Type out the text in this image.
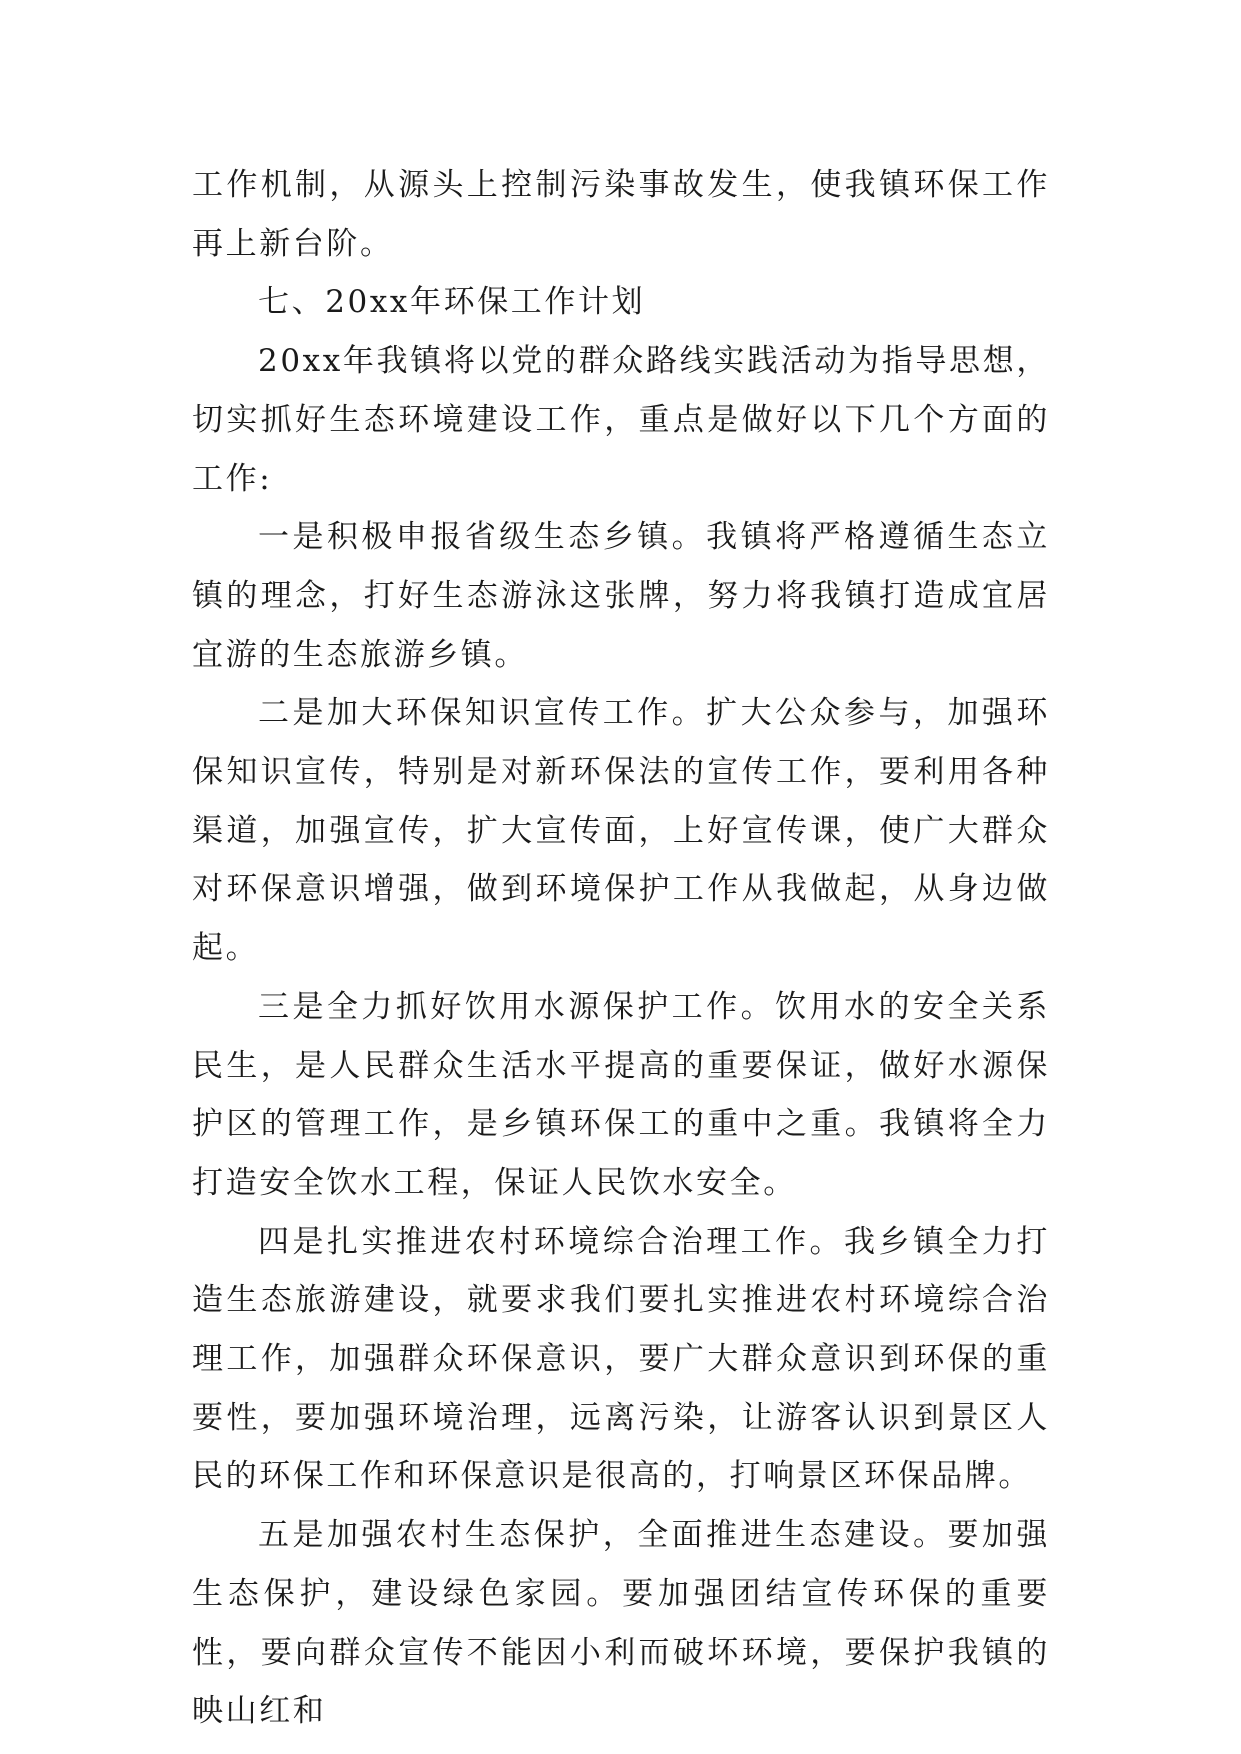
工作机制，从源头上控制污染事故发生，使我镇环保工作再上新台阶。

七、20xx年环保工作计划

20xx年我镇将以党的群众路线实践活动为指导思想，切实抓好生态环境建设工作，重点是做好以下几个方面的工作:

一是积极申报省级生态乡镇。我镇将严格遵循生态立镇的理念，打好生态游泳这张牌，努力将我镇打造成宜居宜游的生态旅游乡镇。

二是加大环保知识宣传工作。扩大公众参与，加强环保知识宣传，特别是对新环保法的宣传工作，要利用各种渠道，加强宣传，扩大宣传面，上好宣传课，使广大群众对环保意识增强，做到环境保护工作从我做起，从身边做起。

三是全力抓好饮用水源保护工作。饮用水的安全关系民生，是人民群众生活水平提高的重要保证，做好水源保护区的管理工作，是乡镇环保工的重中之重。我镇将全力打造安全饮水工程，保证人民饮水安全。

四是扎实推进农村环境综合治理工作。我乡镇全力打造生态旅游建设，就要求我们要扎实推进农村环境综合治理工作，加强群众环保意识，要广大群众意识到环保的重要性，要加强环境治理，远离污染，让游客认识到景区人民的环保工作和环保意识是很高的，打响景区环保品牌。

五是加强农村生态保护，全面推进生态建设。要加强生态保护，建设绿色家园。要加强团结宣传环保的重要性，要向群众宣传不能因小利而破坏环境，要保护我镇的映山红和
